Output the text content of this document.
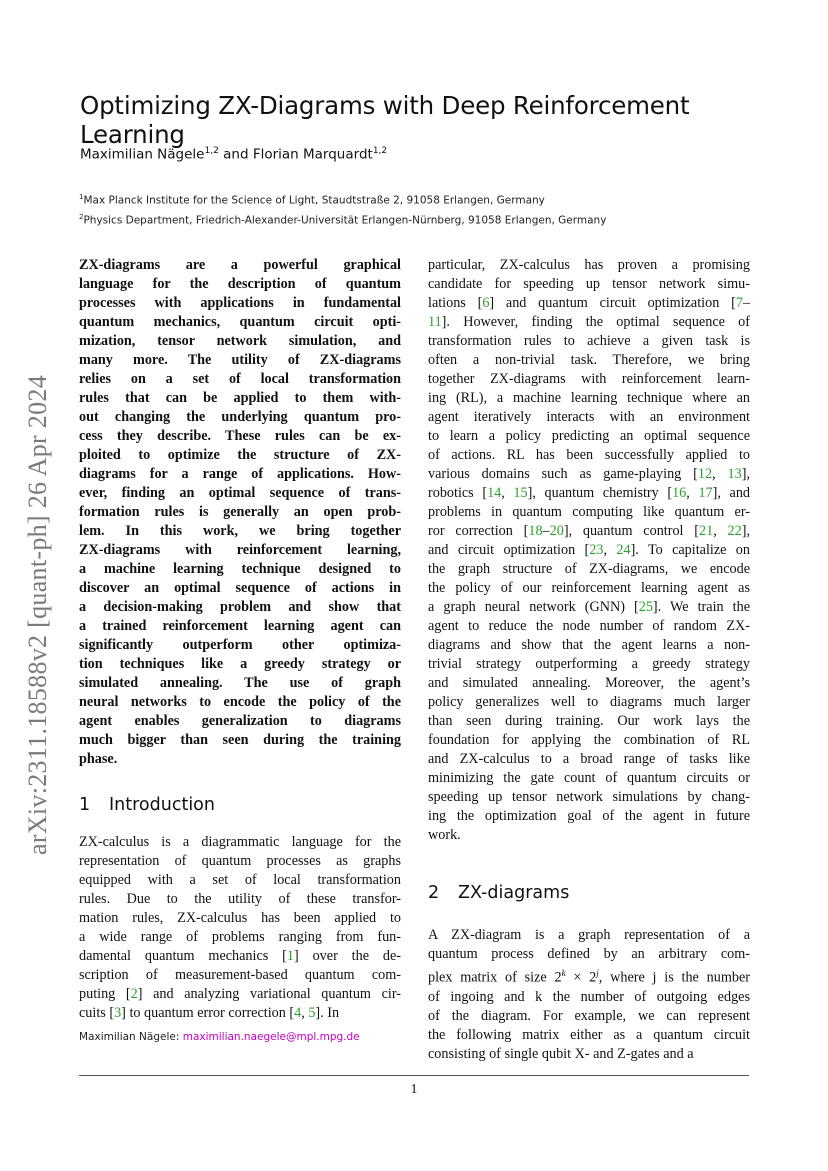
arXiv:2311.18588v2 [quant-ph] 26 Apr 2024
Optimizing ZX-Diagrams with Deep Reinforcement Learning
Maximilian Nägele$^{1,2}$ and Florian Marquardt$^{1,2}$
$^1$Max Planck Institute for the Science of Light, Staudtstraße 2, 91058 Erlangen, Germany
$^2$Physics Department, Friedrich-Alexander-Universität Erlangen-Nürnberg, 91058 Erlangen, Germany
ZX-diagrams are a powerful graphical
language for the description of quantum
processes with applications in fundamental
quantum mechanics, quantum circuit opti-
mization, tensor network simulation, and
many more. The utility of ZX-diagrams
relies on a set of local transformation
rules that can be applied to them with-
out changing the underlying quantum pro-
cess they describe. These rules can be ex-
ploited to optimize the structure of ZX-
diagrams for a range of applications. How-
ever, finding an optimal sequence of trans-
formation rules is generally an open prob-
lem. In this work, we bring together
ZX-diagrams with reinforcement learning,
a machine learning technique designed to
discover an optimal sequence of actions in
a decision-making problem and show that
a trained reinforcement learning agent can
significantly outperform other optimiza-
tion techniques like a greedy strategy or
simulated annealing. The use of graph
neural networks to encode the policy of the
agent enables generalization to diagrams
much bigger than seen during the training
phase.
1 Introduction
ZX-calculus is a diagrammatic language for the
representation of quantum processes as graphs
equipped with a set of local transformation
rules. Due to the utility of these transfor-
mation rules, ZX-calculus has been applied to
a wide range of problems ranging from fun-
damental quantum mechanics [1] over the de-
scription of measurement-based quantum com-
puting [2] and analyzing variational quantum cir-
cuits [3] to quantum error correction [4, 5]. In
particular, ZX-calculus has proven a promising
candidate for speeding up tensor network simu-
lations [6] and quantum circuit optimization [7–
11]. However, finding the optimal sequence of
transformation rules to achieve a given task is
often a non-trivial task. Therefore, we bring
together ZX-diagrams with reinforcement learn-
ing (RL), a machine learning technique where an
agent iteratively interacts with an environment
to learn a policy predicting an optimal sequence
of actions. RL has been successfully applied to
various domains such as game-playing [12, 13],
robotics [14, 15], quantum chemistry [16, 17], and
problems in quantum computing like quantum er-
ror correction [18–20], quantum control [21, 22],
and circuit optimization [23, 24]. To capitalize on
the graph structure of ZX-diagrams, we encode
the policy of our reinforcement learning agent as
a graph neural network (GNN) [25]. We train the
agent to reduce the node number of random ZX-
diagrams and show that the agent learns a non-
trivial strategy outperforming a greedy strategy
and simulated annealing. Moreover, the agent’s
policy generalizes well to diagrams much larger
than seen during training. Our work lays the
foundation for applying the combination of RL
and ZX-calculus to a broad range of tasks like
minimizing the gate count of quantum circuits or
speeding up tensor network simulations by chang-
ing the optimization goal of the agent in future
work.
2 ZX-diagrams
A ZX-diagram is a graph representation of a
quantum process defined by an arbitrary com-
plex matrix of size $2^k \times 2^j$, where j is the number
of ingoing and k the number of outgoing edges
of the diagram. For example, we can represent
the following matrix either as a quantum circuit
consisting of single qubit X- and Z-gates and a
Maximilian Nägele: maximilian.naegele@mpl.mpg.de
1
